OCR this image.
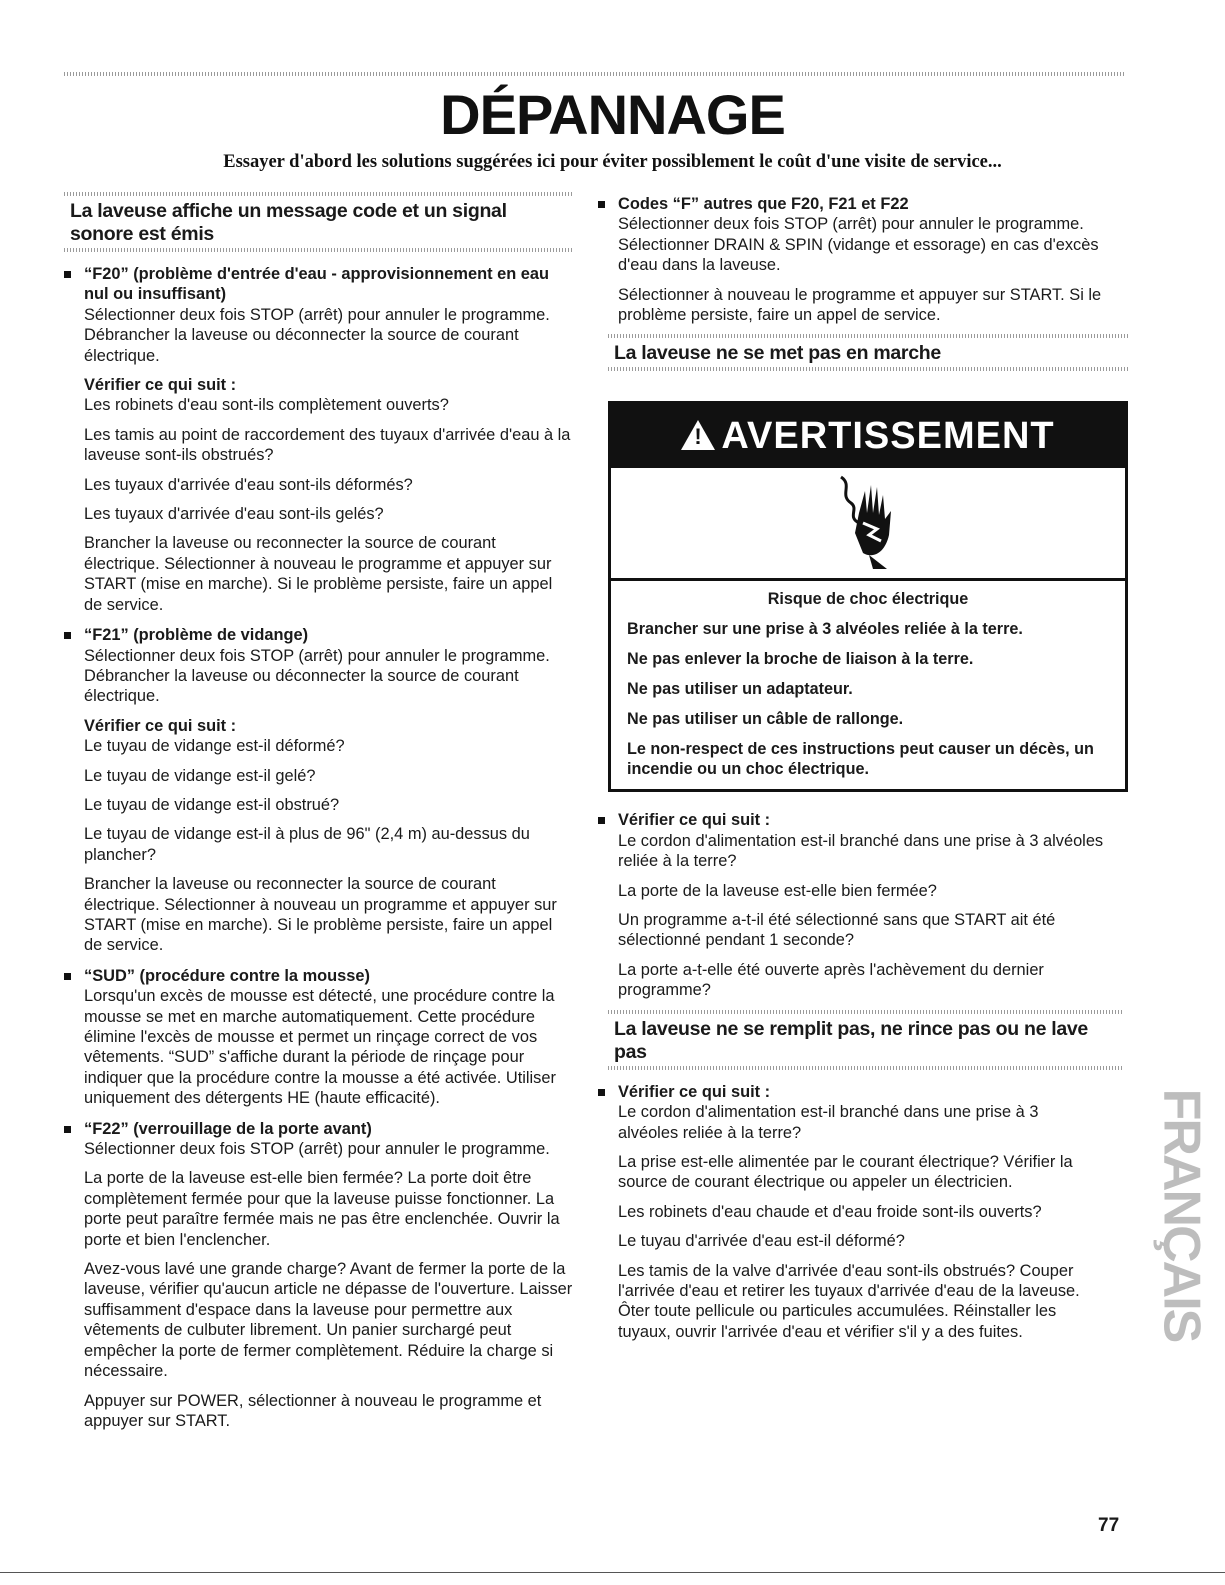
DÉPANNAGE
Essayer d'abord les solutions suggérées ici pour éviter possiblement le coût d'une visite de service...
La laveuse affiche un message code et un signal sonore est émis
“F20” (problème d'entrée d'eau - approvisionnement en eau nul ou insuffisant)

Sélectionner deux fois STOP (arrêt) pour annuler le programme. Débrancher la laveuse ou déconnecter la source de courant électrique.

Vérifier ce qui suit :

Les robinets d'eau sont-ils complètement ouverts?

Les tamis au point de raccordement des tuyaux d'arrivée d'eau à la laveuse sont-ils obstrués?

Les tuyaux d'arrivée d'eau sont-ils déformés?

Les tuyaux d'arrivée d'eau sont-ils gelés?

Brancher la laveuse ou reconnecter la source de courant électrique. Sélectionner à nouveau le programme et appuyer sur START (mise en marche). Si le problème persiste, faire un appel de service.

“F21” (problème de vidange)

Sélectionner deux fois STOP (arrêt) pour annuler le programme. Débrancher la laveuse ou déconnecter la source de courant électrique.

Vérifier ce qui suit :

Le tuyau de vidange est-il déformé?

Le tuyau de vidange est-il gelé?

Le tuyau de vidange est-il obstrué?

Le tuyau de vidange est-il à plus de 96" (2,4 m) au-dessus du plancher?

Brancher la laveuse ou reconnecter la source de courant électrique. Sélectionner à nouveau un programme et appuyer sur START (mise en marche). Si le problème persiste, faire un appel de service.

“SUD” (procédure contre la mousse)

Lorsqu'un excès de mousse est détecté, une procédure contre la mousse se met en marche automatiquement. Cette procédure élimine l'excès de mousse et permet un rinçage correct de vos vêtements. “SUD” s'affiche durant la période de rinçage pour indiquer que la procédure contre la mousse a été activée. Utiliser uniquement des détergents HE (haute efficacité).

“F22” (verrouillage de la porte avant)

Sélectionner deux fois STOP (arrêt) pour annuler le programme.

La porte de la laveuse est-elle bien fermée? La porte doit être complètement fermée pour que la laveuse puisse fonctionner. La porte peut paraître fermée mais ne pas être enclenchée. Ouvrir la porte et bien l'enclencher.

Avez-vous lavé une grande charge? Avant de fermer la porte de la laveuse, vérifier qu'aucun article ne dépasse de l'ouverture. Laisser suffisamment d'espace dans la laveuse pour permettre aux vêtements de culbuter librement. Un panier surchargé peut empêcher la porte de fermer complètement. Réduire la charge si nécessaire.

Appuyer sur POWER, sélectionner à nouveau le programme et appuyer sur START.

Codes “F” autres que F20, F21 et F22

Sélectionner deux fois STOP (arrêt) pour annuler le programme. Sélectionner DRAIN & SPIN (vidange et essorage) en cas d'excès d'eau dans la laveuse.

Sélectionner à nouveau le programme et appuyer sur START. Si le problème persiste, faire un appel de service.

La laveuse ne se met pas en marche
! AVERTISSEMENT

Risque de choc électrique

Brancher sur une prise à 3 alvéoles reliée à la terre.

Ne pas enlever la broche de liaison à la terre.

Ne pas utiliser un adaptateur.

Ne pas utiliser un câble de rallonge.

Le non-respect de ces instructions peut causer un décès, un incendie ou un choc électrique.

Vérifier ce qui suit :

Le cordon d'alimentation est-il branché dans une prise à 3 alvéoles reliée à la terre?

La porte de la laveuse est-elle bien fermée?

Un programme a-t-il été sélectionné sans que START ait été sélectionné pendant 1 seconde?

La porte a-t-elle été ouverte après l'achèvement du dernier programme?

La laveuse ne se remplit pas, ne rince pas ou ne lave pas
Vérifier ce qui suit :

Le cordon d'alimentation est-il branché dans une prise à 3 alvéoles reliée à la terre?

La prise est-elle alimentée par le courant électrique? Vérifier la source de courant électrique ou appeler un électricien.

Les robinets d'eau chaude et d'eau froide sont-ils ouverts?

Le tuyau d'arrivée d'eau est-il déformé?

Les tamis de la valve d'arrivée d'eau sont-ils obstrués? Couper l'arrivée d'eau et retirer les tuyaux d'arrivée d'eau de la laveuse. Ôter toute pellicule ou particules accumulées. Réinstaller les tuyaux, ouvrir l'arrivée d'eau et vérifier s'il y a des fuites.	FRANÇAIS
77
